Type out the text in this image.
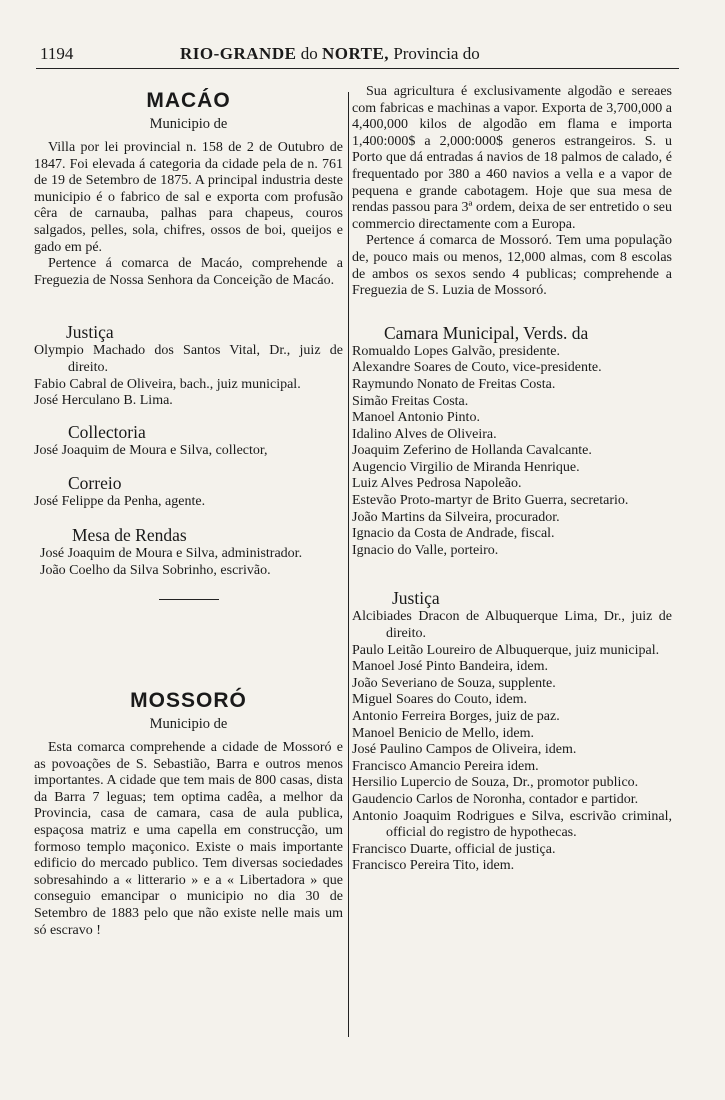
1194	RIO-GRANDE do NORTE, Provincia do

MACÁO

Municipio de

Villa por lei provincial n. 158 de 2 de Outubro de 1847. Foi elevada á categoria da cidade pela de n. 761 de 19 de Setembro de 1875. A principal industria deste municipio é o fabrico de sal e exporta com profusão cêra de carnauba, palhas para chapeus, couros salgados, pelles, sola, chifres, ossos de boi, queijos e gado em pé.

Pertence á comarca de Macáo, comprehende a Freguezia de Nossa Senhora da Conceição de Macáo.

Justiça

Olympio Machado dos Santos Vital, Dr., juiz de direito.

Fabio Cabral de Oliveira, bach., juiz municipal.

José Herculano B. Lima.

Collectoria

José Joaquim de Moura e Silva, collector,

Correio

José Felippe da Penha, agente.

Mesa de Rendas

José Joaquim de Moura e Silva, administrador.

João Coelho da Silva Sobrinho, escrivão.

MOSSORÓ

Municipio de

Esta comarca comprehende a cidade de Mossoró e as povoações de S. Sebastião, Barra e outros menos importantes. A cidade que tem mais de 800 casas, dista da Barra 7 leguas; tem optima cadêa, a melhor da Provincia, casa de camara, casa de aula publica, espaçosa matriz e uma capella em construcção, um formoso templo maçonico. Existe o mais importante edificio do mercado publico. Tem diversas sociedades sobresahindo a « litterario » e a « Libertadora » que conseguio emancipar o municipio no dia 30 de Setembro de 1883 pelo que não existe nelle mais um só escravo !

Sua agricultura é exclusivamente algodão e sereaes com fabricas e machinas a vapor. Exporta de 3,700,000 a 4,400,000 kilos de algodão em flama e importa 1,400:000$ a 2,000:000$ generos estrangeiros. S. u Porto que dá entradas á navios de 18 palmos de calado, é frequentado por 380 a 460 navios a vella e a vapor de pequena e grande cabotagem. Hoje que sua mesa de rendas passou para 3ª ordem, deixa de ser entretido o seu commercio directamente com a Europa.

Pertence á comarca de Mossoró. Tem uma população de, pouco mais ou menos, 12,000 almas, com 8 escolas de ambos os sexos sendo 4 publicas; comprehende a Freguezia de S. Luzia de Mossoró.

Camara Municipal, Verds. da

Romualdo Lopes Galvão, presidente.

Alexandre Soares de Couto, vice-presidente.

Raymundo Nonato de Freitas Costa.

Simão Freitas Costa.

Manoel Antonio Pinto.

Idalino Alves de Oliveira.

Joaquim Zeferino de Hollanda Cavalcante.

Augencio Virgilio de Miranda Henrique.

Luiz Alves Pedrosa Napoleão.

Estevão Proto-martyr de Brito Guerra, secretario.

João Martins da Silveira, procurador.

Ignacio da Costa de Andrade, fiscal.

Ignacio do Valle, porteiro.

Justiça

Alcibiades Dracon de Albuquerque Lima, Dr., juiz de direito.

Paulo Leitão Loureiro de Albuquerque, juiz municipal.

Manoel José Pinto Bandeira, idem.

João Severiano de Souza, supplente.

Miguel Soares do Couto, idem.

Antonio Ferreira Borges, juiz de paz.

Manoel Benicio de Mello, idem.

José Paulino Campos de Oliveira, idem.

Francisco Amancio Pereira idem.

Hersilio Lupercio de Souza, Dr., promotor publico.

Gaudencio Carlos de Noronha, contador e partidor.

Antonio Joaquim Rodrigues e Silva, escrivão criminal, official do registro de hypothecas.

Francisco Duarte, official de justiça.

Francisco Pereira Tito, idem.
